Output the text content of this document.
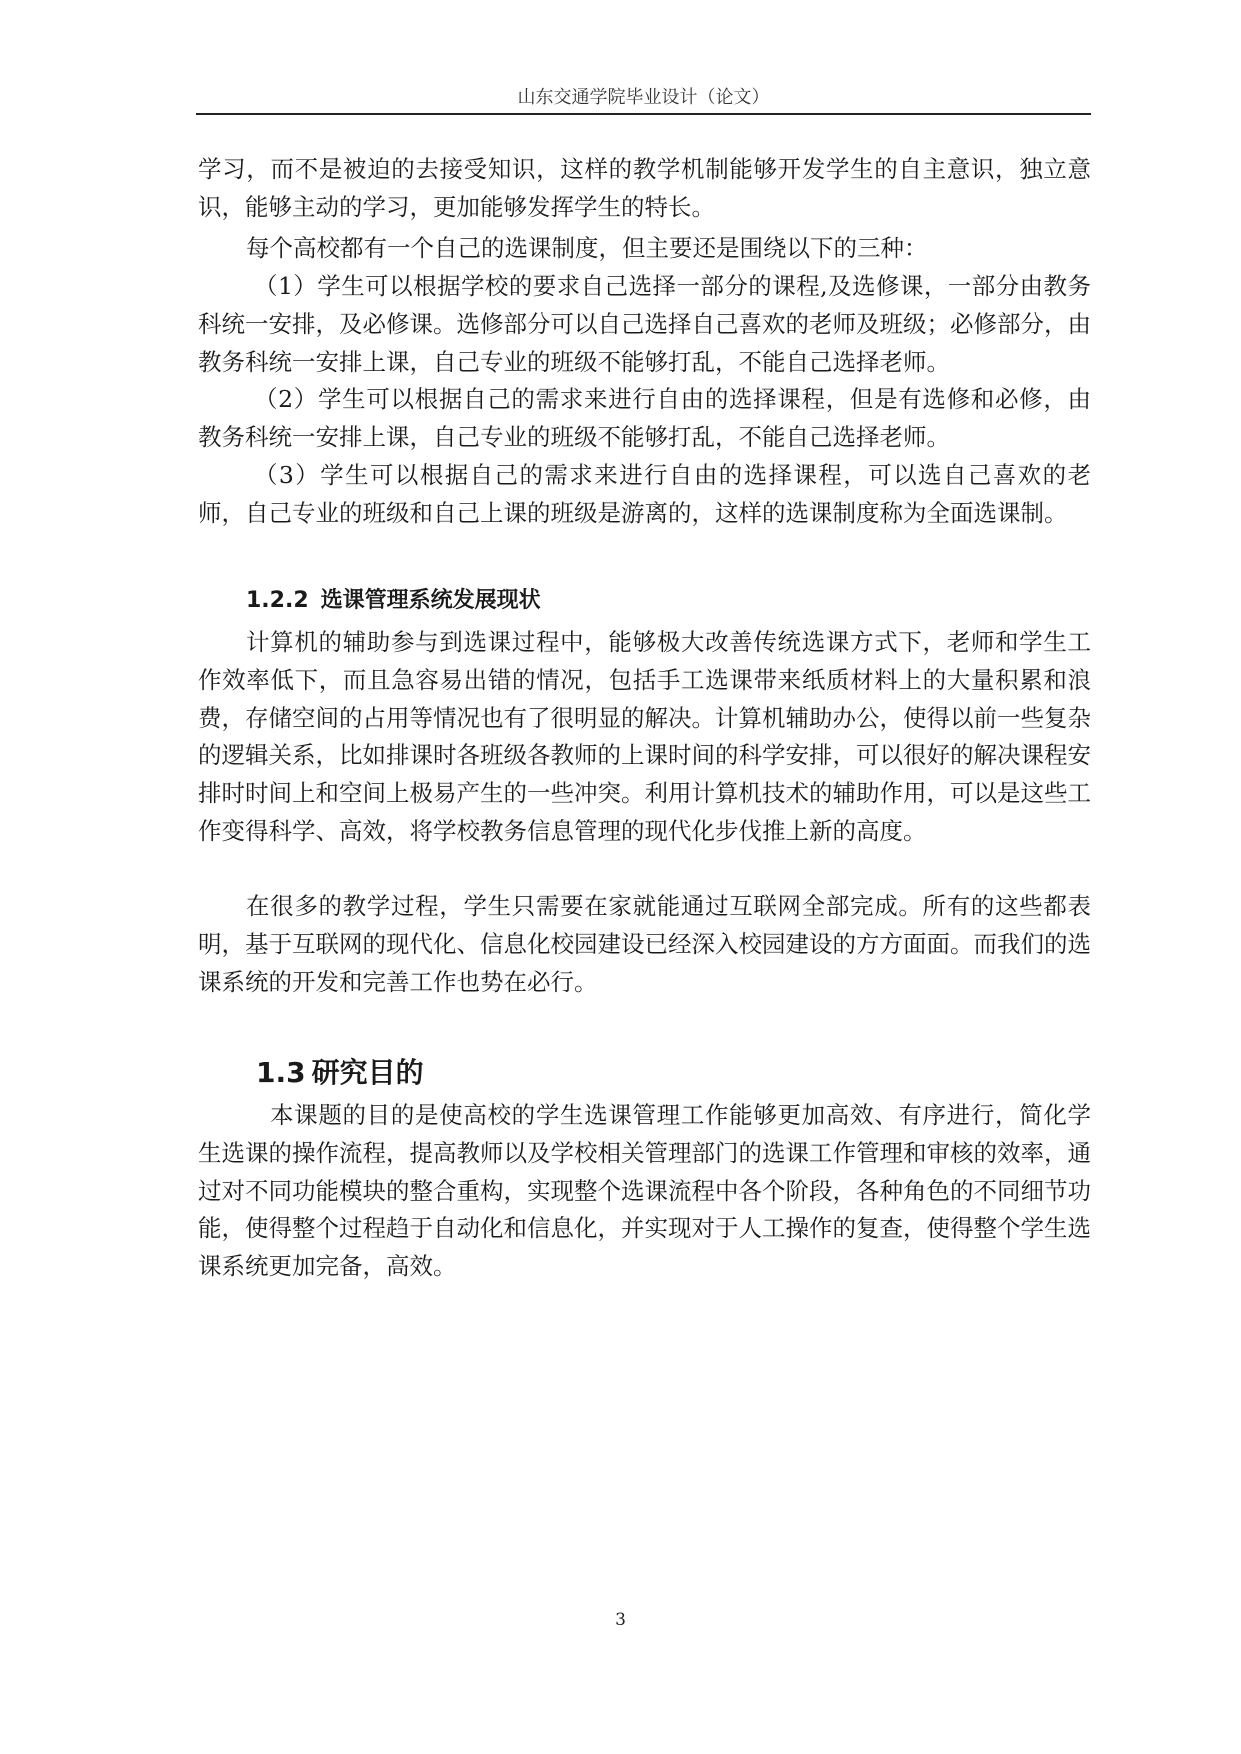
山东交通学院毕业设计（论文）

学习，而不是被迫的去接受知识，这样的教学机制能够开发学生的自主意识，独立意识，能够主动的学习，更加能够发挥学生的特长。

每个高校都有一个自己的选课制度，但主要还是围绕以下的三种：

（1）学生可以根据学校的要求自己选择一部分的课程,及选修课，一部分由教务科统一安排，及必修课。选修部分可以自己选择自己喜欢的老师及班级；必修部分，由教务科统一安排上课，自己专业的班级不能够打乱，不能自己选择老师。

（2）学生可以根据自己的需求来进行自由的选择课程，但是有选修和必修，由教务科统一安排上课，自己专业的班级不能够打乱，不能自己选择老师。

（3）学生可以根据自己的需求来进行自由的选择课程，可以选自己喜欢的老师，自己专业的班级和自己上课的班级是游离的，这样的选课制度称为全面选课制。

1.2.2 选课管理系统发展现状

计算机的辅助参与到选课过程中，能够极大改善传统选课方式下，老师和学生工作效率低下，而且急容易出错的情况，包括手工选课带来纸质材料上的大量积累和浪费，存储空间的占用等情况也有了很明显的解决。计算机辅助办公，使得以前一些复杂的逻辑关系，比如排课时各班级各教师的上课时间的科学安排，可以很好的解决课程安排时时间上和空间上极易产生的一些冲突。利用计算机技术的辅助作用，可以是这些工作变得科学、高效，将学校教务信息管理的现代化步伐推上新的高度。

在很多的教学过程，学生只需要在家就能通过互联网全部完成。所有的这些都表明，基于互联网的现代化、信息化校园建设已经深入校园建设的方方面面。而我们的选课系统的开发和完善工作也势在必行。

1.3 研究目的

本课题的目的是使高校的学生选课管理工作能够更加高效、有序进行，简化学生选课的操作流程，提高教师以及学校相关管理部门的选课工作管理和审核的效率，通过对不同功能模块的整合重构，实现整个选课流程中各个阶段，各种角色的不同细节功能，使得整个过程趋于自动化和信息化，并实现对于人工操作的复查，使得整个学生选课系统更加完备，高效。

3
